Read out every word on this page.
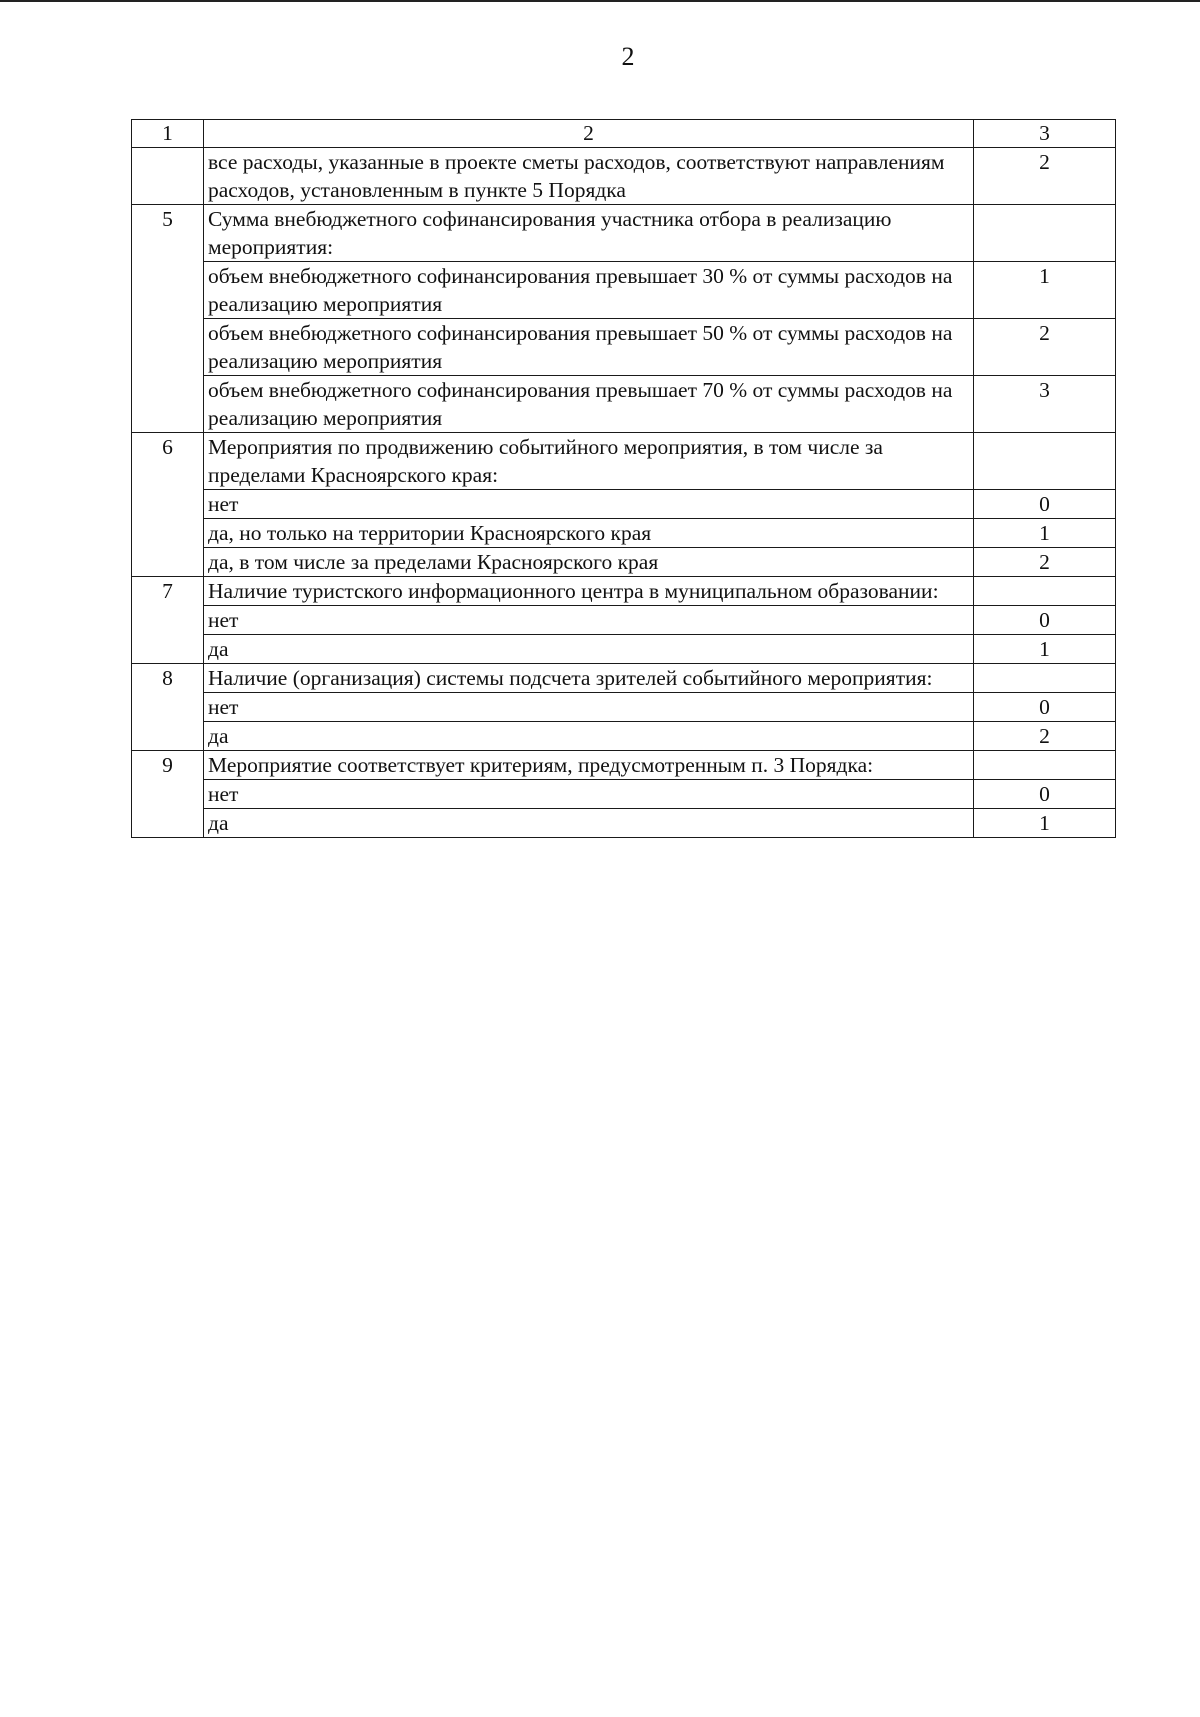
2
1	2	3
	все расходы, указанные в проекте сметы расходов, соответствуют направлениям расходов, установленным в пункте 5 Порядка	2
5	Сумма внебюджетного софинансирования участника отбора в реализацию мероприятия:	
	объем внебюджетного софинансирования превышает 30 % от суммы расходов на реализацию мероприятия	1
	объем внебюджетного софинансирования превышает 50 % от суммы расходов на реализацию мероприятия	2
	объем внебюджетного софинансирования превышает 70 % от суммы расходов на реализацию мероприятия	3
6	Мероприятия по продвижению событийного мероприятия, в том числе за пределами Красноярского края:	
	нет	0
	да, но только на территории Красноярского края	1
	да, в том числе за пределами Красноярского края	2
7	Наличие туристского информационного центра в муниципальном образовании:	
	нет	0
	да	1
8	Наличие (организация) системы подсчета зрителей событийного мероприятия:	
	нет	0
	да	2
9	Мероприятие соответствует критериям, предусмотренным п. 3 Порядка:	
	нет	0
	да	1
